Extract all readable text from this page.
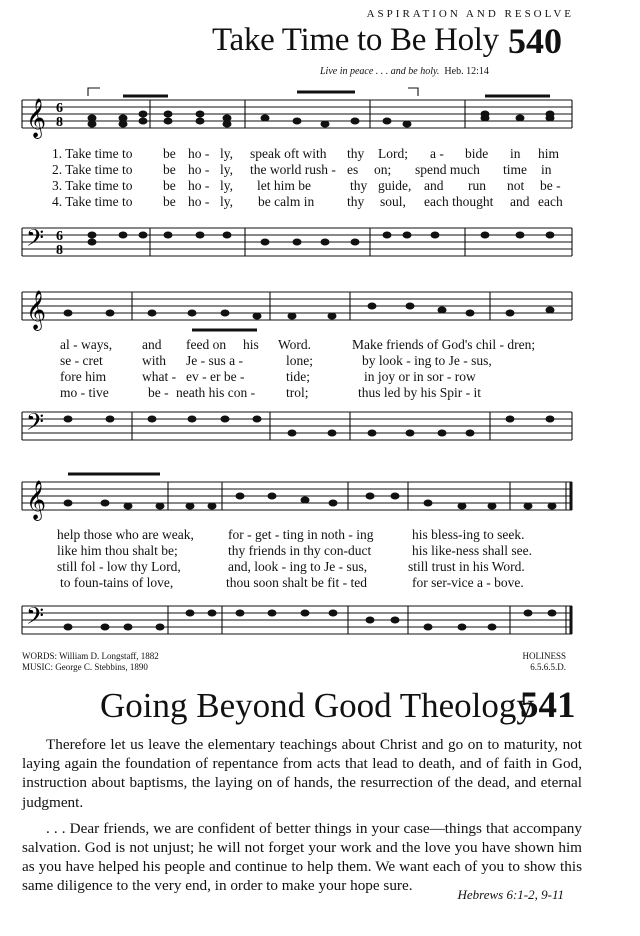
ASPIRATION AND RESOLVE
Take Time to Be Holy 540
Live in peace . . . and be holy. Heb. 12:14
𝄞 6
8
1. Take time to be ho - ly, speak oft with thy Lord; a - bide in him
2. Take time to be ho - ly, the world rush - es on; spend much time in
3. Take time to be ho - ly, let him be	thy guide, and run not be -
4. Take time to be ho - ly, be calm in thy soul, each thought and each
𝄢 6
8
𝄞
al - ways, and feed on his Word.	Make friends of God's chil - dren;
se - cret	with Je - sus a -	lone;	by look - ing to Je - sus,
fore him	what - ev - er be -	tide;	in joy or in sor - row
mo - tive	be - neath his con - trol;	thus led by his Spir - it
𝄢
𝄞
help those who are weak,	for - get - ting in noth - ing	his bless-ing to seek.
like him thou shalt be;	thy friends in thy con-duct	his like-ness shall see.
still fol - low thy Lord,	and, look - ing to Je - sus,	still trust in his Word.
to foun-tains of love,	thou soon shalt be fit - ted	for ser-vice a - bove.
𝄢
WORDS: William D. Longstaff, 1882
MUSIC: George C. Stebbins, 1890
HOLINESS
6.5.6.5.D.
Going Beyond Good Theology
541

Therefore let us leave the elementary teachings about Christ and go on to maturity, not laying again the foundation of repentance from acts that lead to death, and of faith in God, instruction about baptisms, the laying on of hands, the resurrection of the dead, and eternal judgment.

. . . Dear friends, we are confident of better things in your case—things that accompany salvation. God is not unjust; he will not forget your work and the love you have shown him as you have helped his people and continue to help them. We want each of you to show this same diligence to the very end, in order to make your hope sure.

Hebrews 6:1-2, 9-11
